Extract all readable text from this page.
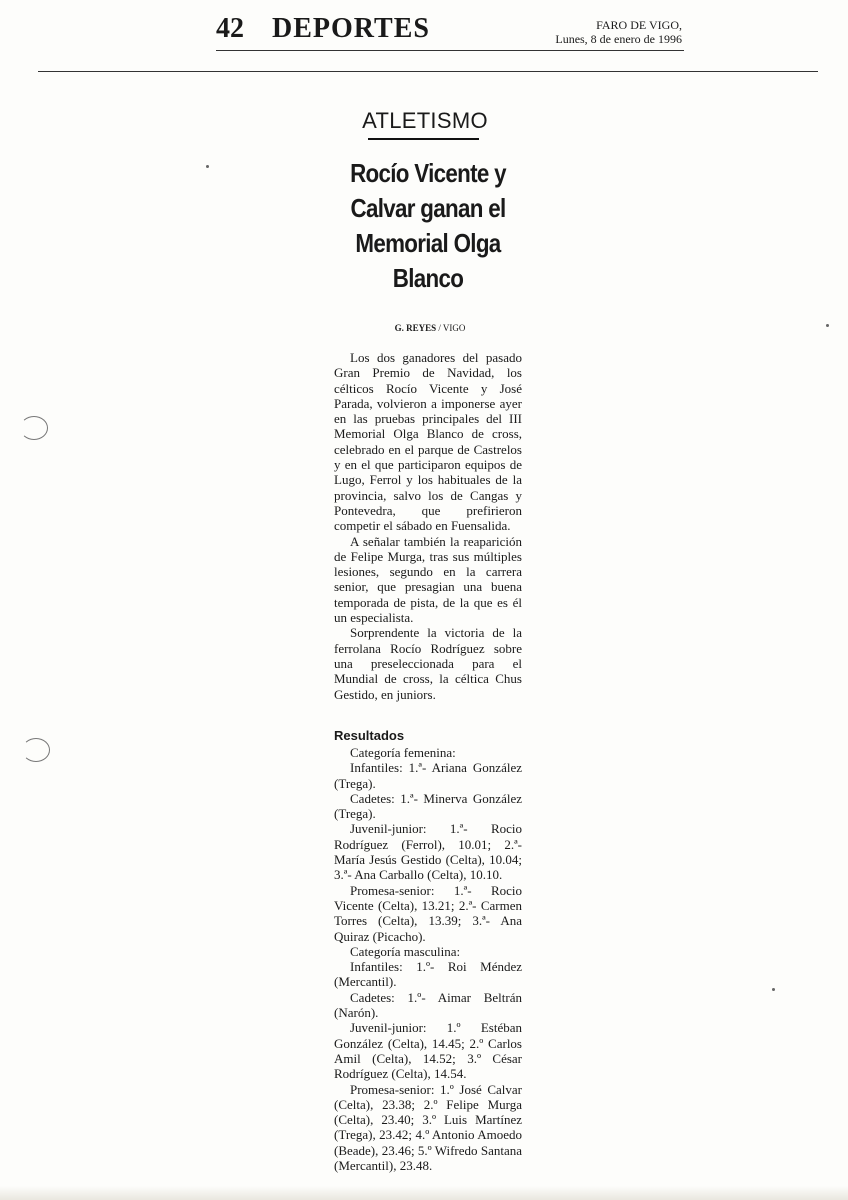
42 DEPORTES	FARO DE VIGO,
Lunes, 8 de enero de 1996
ATLETISMO
Rocío Vicente y Calvar ganan el Memorial Olga Blanco
G. REYES / VIGO

Los dos ganadores del pasado Gran Premio de Navidad, los célticos Rocío Vicente y José Parada, volvieron a imponerse ayer en las pruebas principales del III Memorial Olga Blanco de cross, celebrado en el parque de Castrelos y en el que participaron equipos de Lugo, Ferrol y los habituales de la provincia, salvo los de Cangas y Pontevedra, que prefirieron competir el sábado en Fuensalida.

A señalar también la reaparición de Felipe Murga, tras sus múltiples lesiones, segundo en la carrera senior, que presagian una buena temporada de pista, de la que es él un especialista.

Sorprendente la victoria de la ferrolana Rocío Rodríguez sobre una preseleccionada para el Mundial de cross, la céltica Chus Gestido, en juniors.

Resultados

Categoría femenina:

Infantiles: 1.ª- Ariana González (Trega).

Cadetes: 1.ª- Minerva González (Trega).

Juvenil-junior: 1.ª- Rocio Rodríguez (Ferrol), 10.01; 2.ª- María Jesús Gestido (Celta), 10.04; 3.ª- Ana Carballo (Celta), 10.10.

Promesa-senior: 1.ª- Rocio Vicente (Celta), 13.21; 2.ª- Carmen Torres (Celta), 13.39; 3.ª- Ana Quiraz (Picacho).

Categoría masculina:

Infantiles: 1.º- Roi Méndez (Mercantil).

Cadetes: 1.º- Aimar Beltrán (Narón).

Juvenil-junior: 1.º Estéban González (Celta), 14.45; 2.º Carlos Amil (Celta), 14.52; 3.º César Rodríguez (Celta), 14.54.

Promesa-senior: 1.º José Calvar (Celta), 23.38; 2.º Felipe Murga (Celta), 23.40; 3.º Luis Martínez (Trega), 23.42; 4.º Antonio Amoedo (Beade), 23.46; 5.º Wifredo Santana (Mercantil), 23.48.
